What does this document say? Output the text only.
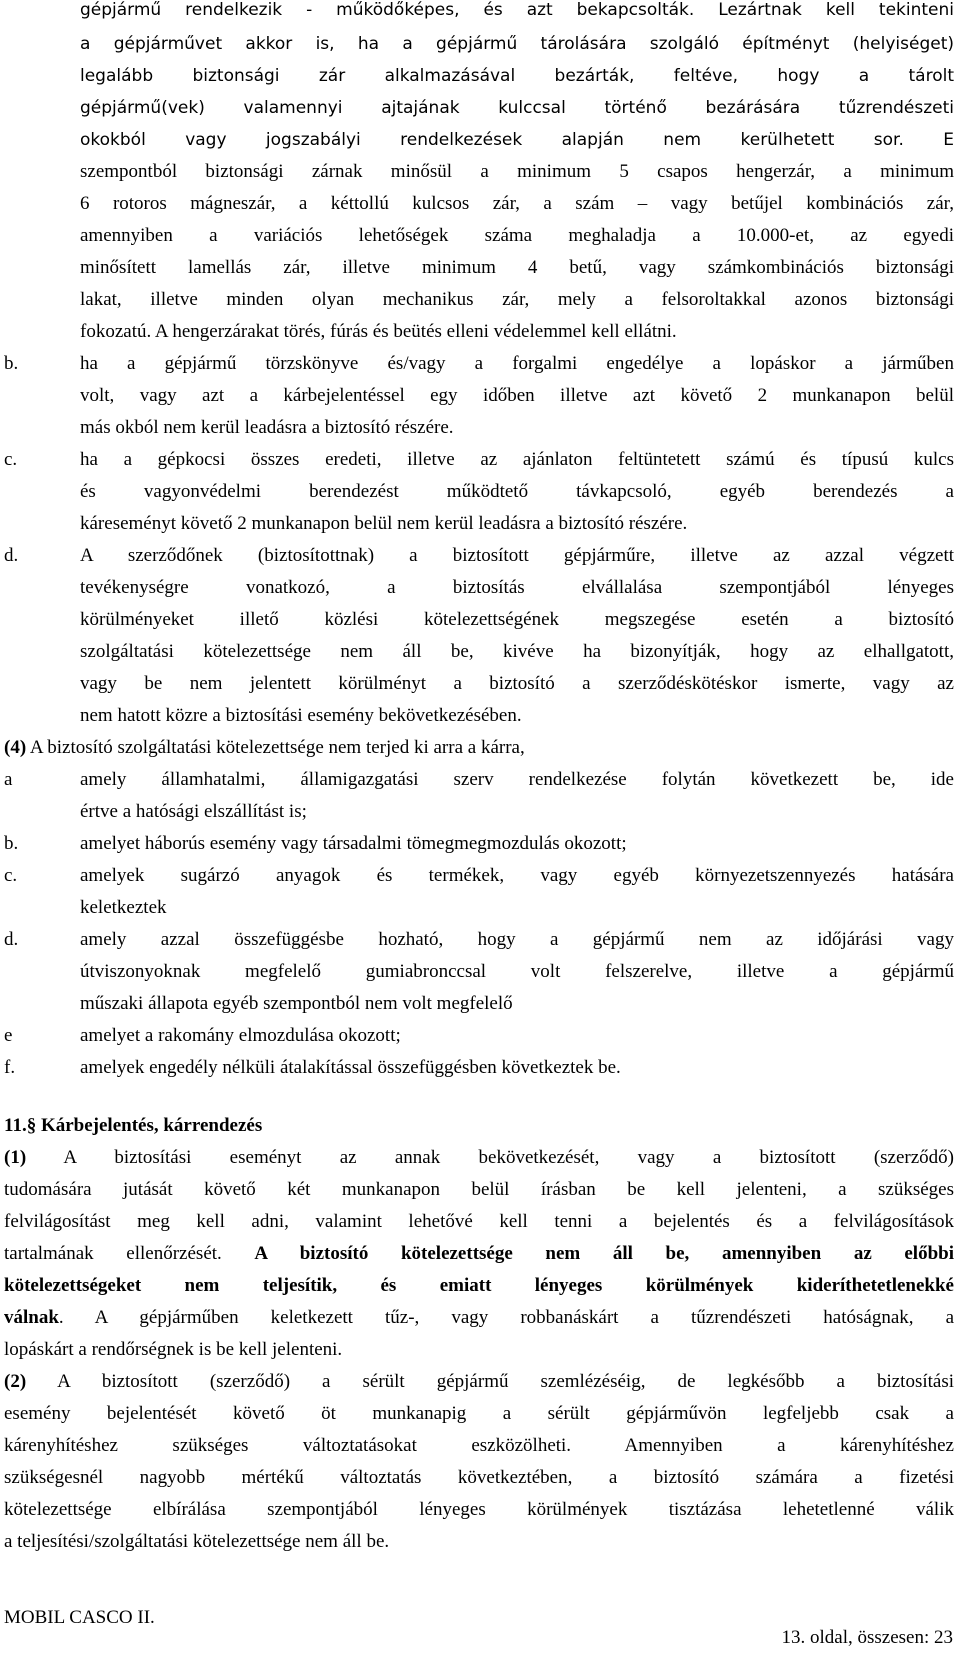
gépjármű rendelkezik - működőképes, és azt bekapcsolták. Lezártnak kell tekinteni
a gépjárművet akkor is, ha a gépjármű tárolására szolgáló építményt (helyiséget)
legalább biztonsági zár alkalmazásával bezárták, feltéve, hogy a tárolt
gépjármű(vek) valamennyi ajtajának kulccsal történő bezárására tűzrendészeti
okokból vagy jogszabályi rendelkezések alapján nem kerülhetett sor. E
szempontból biztonsági zárnak minősül a minimum 5 csapos hengerzár, a minimum
6 rotoros mágneszár, a kéttollú kulcsos zár, a szám – vagy betűjel kombinációs zár,
amennyiben a variációs lehetőségek száma meghaladja a 10.000-et, az egyedi
minősített lamellás zár, illetve minimum 4 betű, vagy számkombinációs biztonsági
lakat, illetve minden olyan mechanikus zár, mely a felsoroltakkal azonos biztonsági
fokozatú. A hengerzárakat törés, fúrás és beütés elleni védelemmel kell ellátni.
b.	ha a gépjármű törzskönyve és/vagy a forgalmi engedélye a lopáskor a járműben
volt, vagy azt a kárbejelentéssel egy időben illetve azt követő 2 munkanapon belül
más okból nem kerül leadásra a biztosító részére.
c.	ha a gépkocsi összes eredeti, illetve az ajánlaton feltüntetett számú és típusú kulcs
és vagyonvédelmi berendezést működtető távkapcsoló, egyéb berendezés a
káreseményt követő 2 munkanapon belül nem kerül leadásra a biztosító részére.
d.	A szerződőnek (biztosítottnak) a biztosított gépjárműre, illetve az azzal végzett
tevékenységre vonatkozó, a biztosítás elvállalása szempontjából lényeges
körülményeket illető közlési kötelezettségének megszegése esetén a biztosító
szolgáltatási kötelezettsége nem áll be, kivéve ha bizonyítják, hogy az elhallgatott,
vagy be nem jelentett körülményt a biztosító a szerződéskötéskor ismerte, vagy az
nem hatott közre a biztosítási esemény bekövetkezésében.
(4) A biztosító szolgáltatási kötelezettsége nem terjed ki arra a kárra,
a	amely államhatalmi, államigazgatási szerv rendelkezése folytán következett be, ide
értve a hatósági elszállítást is;
b.	amelyet háborús esemény vagy társadalmi tömegmegmozdulás okozott;
c.	amelyek sugárzó anyagok és termékek, vagy egyéb környezetszennyezés hatására
keletkeztek
d.	amely azzal összefüggésbe hozható, hogy a gépjármű nem az időjárási vagy
útviszonyoknak megfelelő gumiabronccsal volt felszerelve, illetve a gépjármű
műszaki állapota egyéb szempontból nem volt megfelelő
e	amelyet a rakomány elmozdulása okozott;
f.	amelyek engedély nélküli átalakítással összefüggésben következtek be.
11.§ Kárbejelentés, kárrendezés
(1) A biztosítási eseményt az annak bekövetkezését, vagy a biztosított (szerződő)
tudomására jutását követő két munkanapon belül írásban be kell jelenteni, a szükséges
felvilágosítást meg kell adni, valamint lehetővé kell tenni a bejelentés és a felvilágosítások
tartalmának ellenőrzését. A biztosító kötelezettsége nem áll be, amennyiben az előbbi
kötelezettségeket nem teljesítik, és emiatt lényeges körülmények kideríthetetlenekké
válnak. A gépjárműben keletkezett tűz-, vagy robbanáskárt a tűzrendészeti hatóságnak, a
lopáskárt a rendőrségnek is be kell jelenteni.
(2) A biztosított (szerződő) a sérült gépjármű szemlézéséig, de legkésőbb a biztosítási
esemény bejelentését követő öt munkanapig a sérült gépjárművön legfeljebb csak a
kárenyhítéshez szükséges változtatásokat eszközölheti. Amennyiben a kárenyhítéshez
szükségesnél nagyobb mértékű változtatás következtében, a biztosító számára a fizetési
kötelezettsége elbírálása szempontjából lényeges körülmények tisztázása lehetetlenné válik
a teljesítési/szolgáltatási kötelezettsége nem áll be.
MOBIL CASCO II.
13. oldal, összesen: 23
